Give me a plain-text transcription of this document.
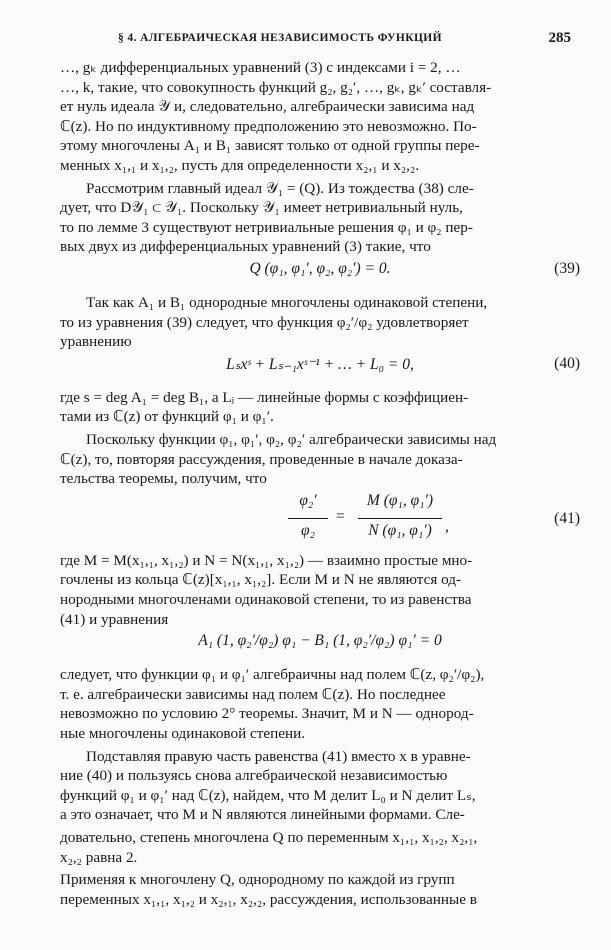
§ 4. АЛГЕБРАИЧЕСКАЯ НЕЗАВИСИМОСТЬ ФУНКЦИЙ	285
…, gₖ дифференциальных уравнений (3) с индексами i = 2, …
…, k, такие, что совокупность функций g₂, g₂′, …, gₖ, gₖ′ составля-
ет нуль идеала 𝒴 и, следовательно, алгебраически зависима над
ℂ(z). Но по индуктивному предположению это невозможно. По-
этому многочлены A₁ и B₁ зависят только от одной группы пере-
менных x₁,₁ и x₁,₂, пусть для определенности x₂,₁ и x₂,₂.
Рассмотрим главный идеал 𝒴₁ = (Q). Из тождества (38) сле-
дует, что D𝒴₁ ⊂ 𝒴₁. Поскольку 𝒴₁ имеет нетривиальный нуль,
то по лемме 3 существуют нетривиальные решения φ₁ и φ₂ пер-
вых двух из дифференциальных уравнений (3) такие, что
Q (φ₁, φ₁′, φ₂, φ₂′) = 0.	(39)
Так как A₁ и B₁ однородные многочлены одинаковой степени,
то из уравнения (39) следует, что функция φ₂′/φ₂ удовлетворяет
уравнению
Lₛxˢ + Lₛ₋₁xˢ⁻¹ + … + L₀ = 0,	(40)
где s = deg A₁ = deg B₁, а Lᵢ — линейные формы с коэффициен-
тами из ℂ(z) от функций φ₁ и φ₁′.
Поскольку функции φ₁, φ₁′, φ₂, φ₂′ алгебраически зависимы над
ℂ(z), то, повторяя рассуждения, проведенные в начале доказа-
тельства теоремы, получим, что
φ₂′
φ₂
=
M (φ₁, φ₁′)
N (φ₁, φ₁′) ,	(41)
где M = M(x₁,₁, x₁,₂) и N = N(x₁,₁, x₁,₂) — взаимно простые мно-
гочлены из кольца ℂ(z)[x₁,₁, x₁,₂]. Если M и N не являются од-
нородными многочленами одинаковой степени, то из равенства
(41) и уравнения
A₁ (1, φ₂′/φ₂) φ₁ − B₁ (1, φ₂′/φ₂) φ₁′ = 0
следует, что функции φ₁ и φ₁′ алгебраичны над полем ℂ(z, φ₂′/φ₂),
т. е. алгебраически зависимы над полем ℂ(z). Но последнее
невозможно по условию 2° теоремы. Значит, M и N — однород-
ные многочлены одинаковой степени.
Подставляя правую часть равенства (41) вместо x в уравне-
ние (40) и пользуясь снова алгебраической независимостью
функций φ₁ и φ₁′ над ℂ(z), найдем, что M делит L₀ и N делит Lₛ,
а это означает, что M и N являются линейными формами. Сле-
довательно, степень многочлена Q по переменным x₁,₁, x₁,₂, x₂,₁,
x₂,₂ равна 2.
Применяя к многочлену Q, однородному по каждой из групп
переменных x₁,₁, x₁,₂ и x₂,₁, x₂,₂, рассуждения, использованные в
